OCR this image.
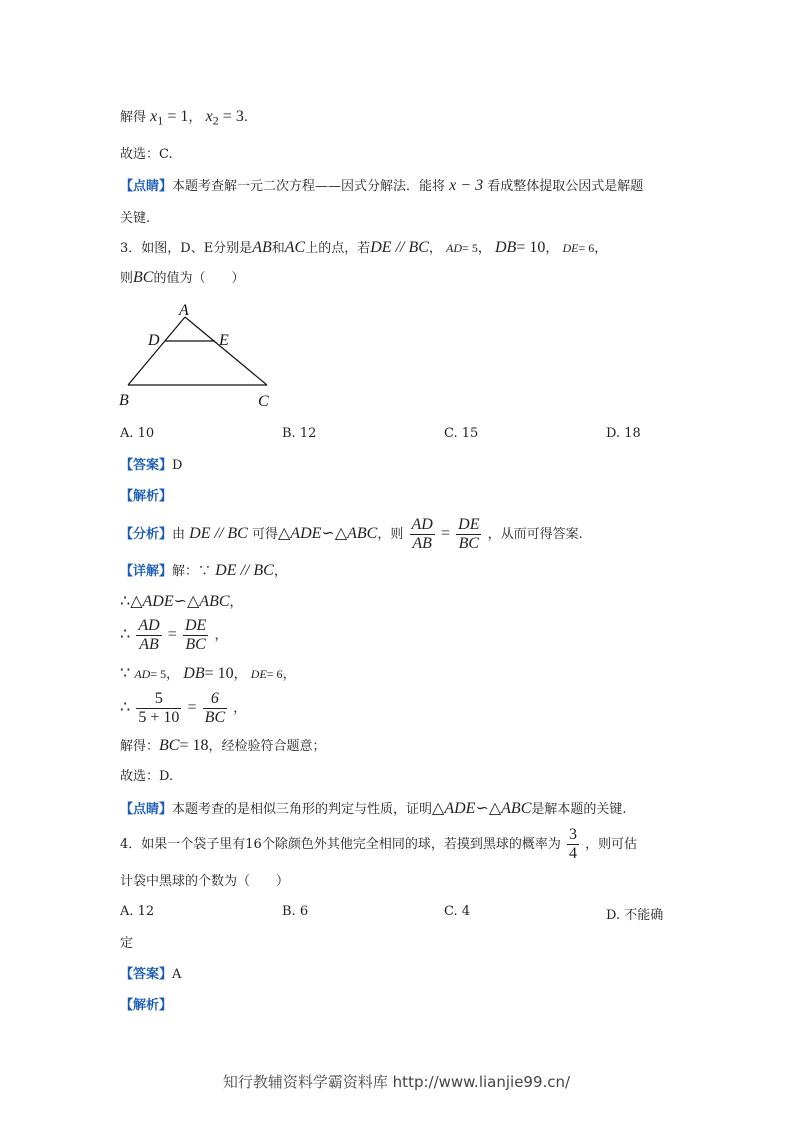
解得 $x_1 = 1$， $x_2 = 3$.
故选：C.
【点睛】本题考查解一元二次方程——因式分解法．能将 x − 3 看成整体提取公因式是解题
关键.
3．如图，D、E分别是AB和AC上的点，若DE // BC， AD= 5， DB= 10， DE= 6，
则BC的值为（　　）
A
D	E
B	C
A. 10	B. 12	C. 15	D. 18
【答案】D
【解析】
【分析】由 DE // BC 可得△ADE∽△ABC，则 $\frac{AD}{AB} = \frac{DE}{BC}$ ，从而可得答案.
【详解】解：∵ DE // BC，
∴△ADE∽△ABC，
∴ $\frac{AD}{AB} = \frac{DE}{BC}$ ，
∵ AD= 5， DB= 10， DE= 6，
∴ $\frac{5}{5 + 10} = \frac{6}{BC}$ ，
解得：BC= 18，经检验符合题意；
故选：D.
【点睛】本题考查的是相似三角形的判定与性质，证明△ADE∽△ABC是解本题的关键.
4．如果一个袋子里有16个除颜色外其他完全相同的球，若摸到黑球的概率为 $\frac{3}{4}$ ，则可估
计袋中黑球的个数为（　　）
A. 12	B. 6	C. 4	D. 不能确
定
【答案】A
【解析】
知行教辅资料学霸资料库 http://www.lianjie99.cn/
